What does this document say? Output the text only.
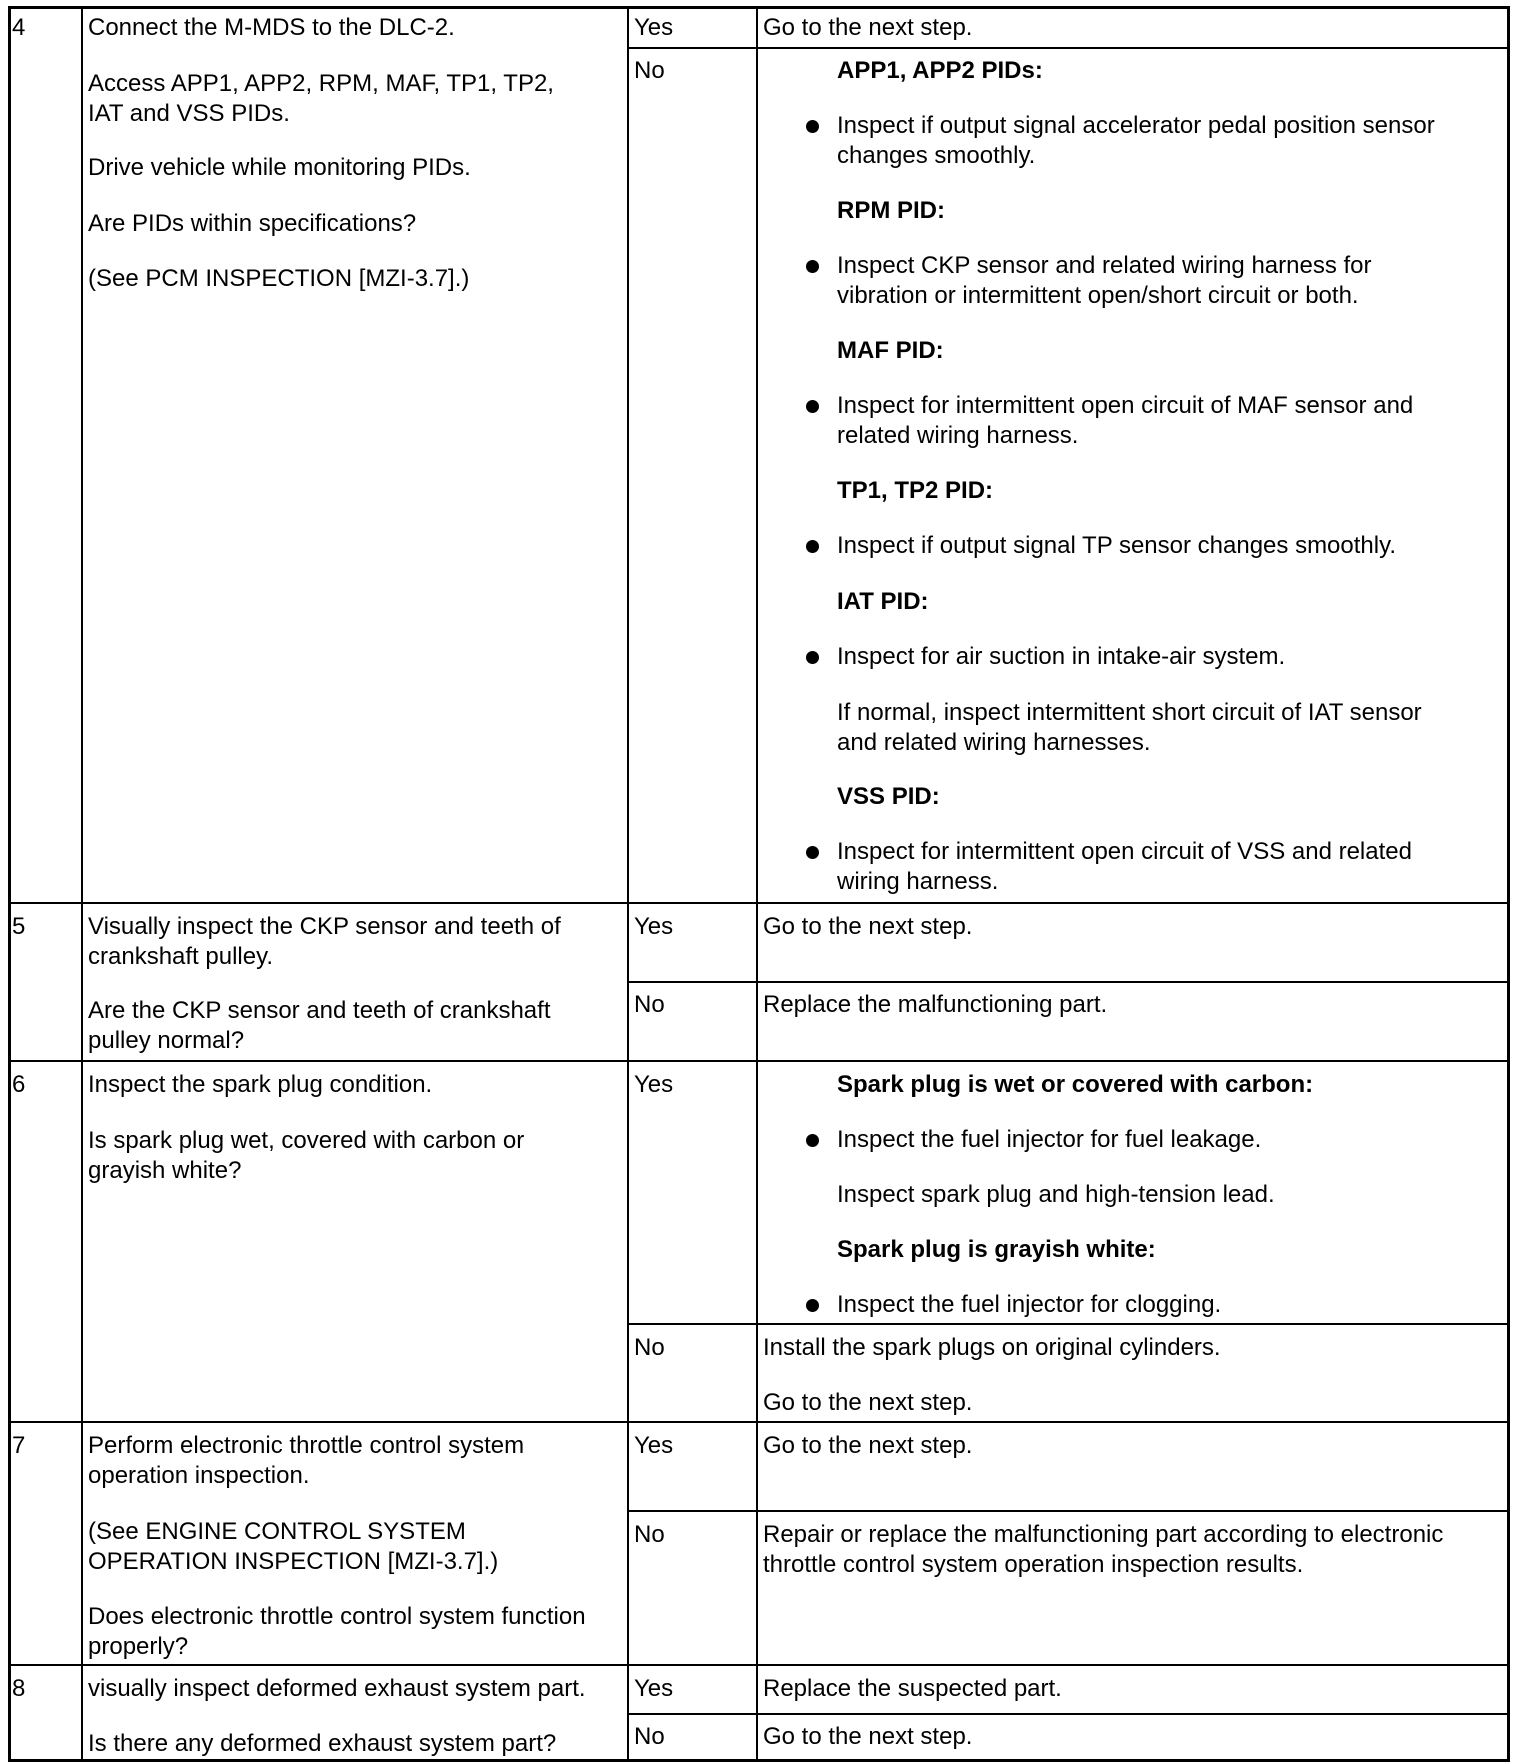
4	Connect the M-MDS to the DLC-2.
Access APP1, APP2, RPM, MAF, TP1, TP2,
IAT and VSS PIDs.
Drive vehicle while monitoring PIDs.
Are PIDs within specifications?
(See PCM INSPECTION [MZI-3.7].)
Yes	Go to the next step.
No	APP1, APP2 PIDs:
Inspect if output signal accelerator pedal position sensor
changes smoothly.
RPM PID:
Inspect CKP sensor and related wiring harness for
vibration or intermittent open/short circuit or both.
MAF PID:
Inspect for intermittent open circuit of MAF sensor and
related wiring harness.
TP1, TP2 PID:
Inspect if output signal TP sensor changes smoothly.
IAT PID:
Inspect for air suction in intake-air system.
If normal, inspect intermittent short circuit of IAT sensor
and related wiring harnesses.
VSS PID:
Inspect for intermittent open circuit of VSS and related
wiring harness.
5	Visually inspect the CKP sensor and teeth of
crankshaft pulley.
Are the CKP sensor and teeth of crankshaft
pulley normal?
Yes	Go to the next step.
No	Replace the malfunctioning part.
6	Inspect the spark plug condition.
Is spark plug wet, covered with carbon or
grayish white?
Yes	Spark plug is wet or covered with carbon:
Inspect the fuel injector for fuel leakage.
Inspect spark plug and high-tension lead.
Spark plug is grayish white:
Inspect the fuel injector for clogging.
No	Install the spark plugs on original cylinders.
Go to the next step.
7	Perform electronic throttle control system
operation inspection.
(See ENGINE CONTROL SYSTEM
OPERATION INSPECTION [MZI-3.7].)
Does electronic throttle control system function
properly?
Yes	Go to the next step.
No	Repair or replace the malfunctioning part according to electronic
throttle control system operation inspection results.
8	visually inspect deformed exhaust system part.
Is there any deformed exhaust system part?
Yes	Replace the suspected part.
No	Go to the next step.
